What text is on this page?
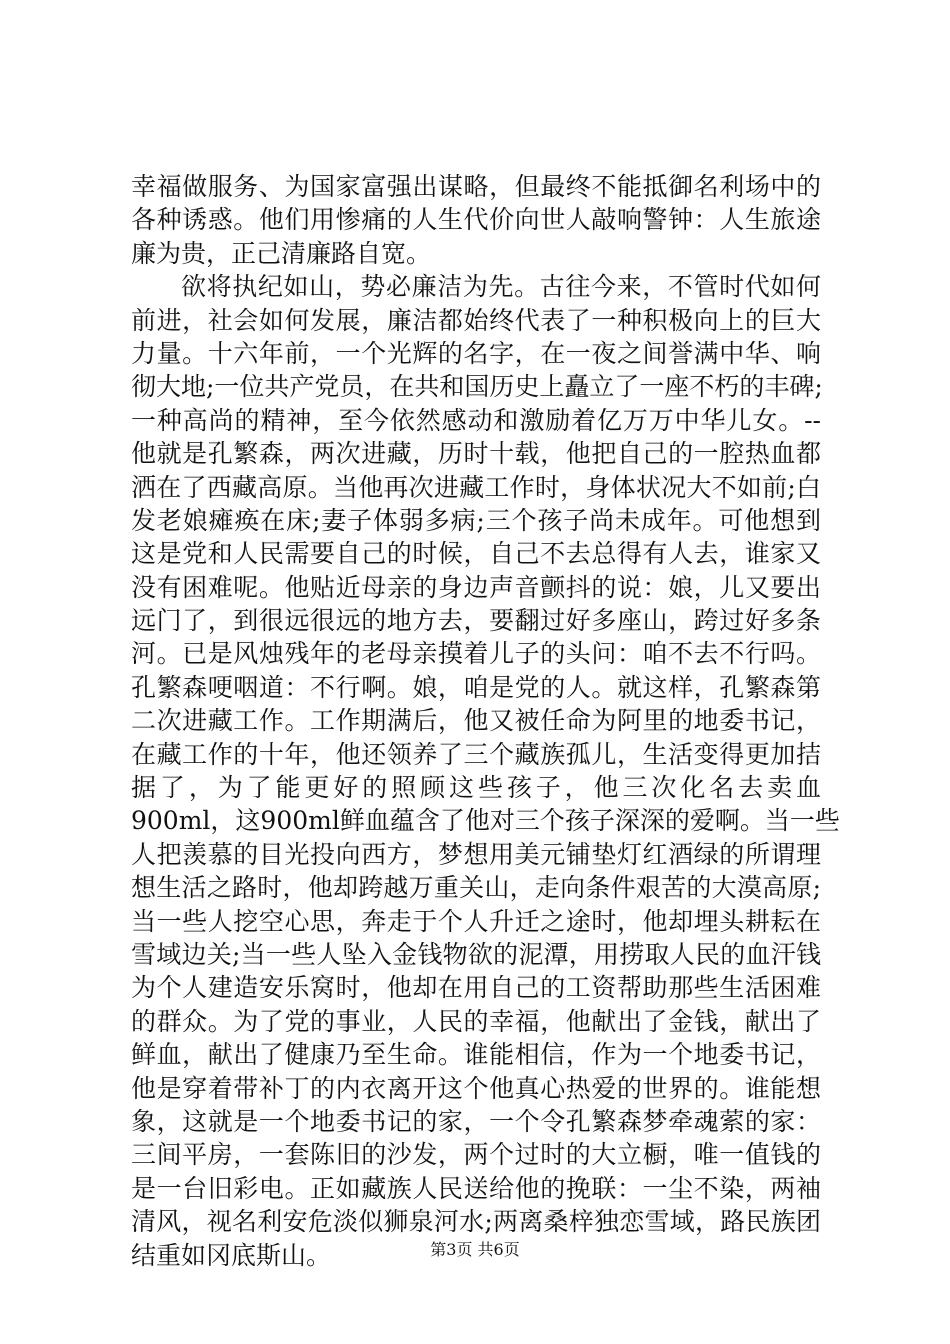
幸福做服务、为国家富强出谋略，但最终不能抵御名利场中的
各种诱惑。他们用惨痛的人生代价向世人敲响警钟：人生旅途
廉为贵，正己清廉路自宽。
欲将执纪如山，势必廉洁为先。古往今来，不管时代如何
前进，社会如何发展，廉洁都始终代表了一种积极向上的巨大
力量。十六年前，一个光辉的名字，在一夜之间誉满中华、响
彻大地;一位共产党员，在共和国历史上矗立了一座不朽的丰碑;
一种高尚的精神，至今依然感动和激励着亿万万中华儿女。--
他就是孔繁森，两次进藏，历时十载，他把自己的一腔热血都
洒在了西藏高原。当他再次进藏工作时，身体状况大不如前;白
发老娘瘫痪在床;妻子体弱多病;三个孩子尚未成年。可他想到
这是党和人民需要自己的时候，自己不去总得有人去，谁家又
没有困难呢。他贴近母亲的身边声音颤抖的说：娘，儿又要出
远门了，到很远很远的地方去，要翻过好多座山，跨过好多条
河。已是风烛残年的老母亲摸着儿子的头问：咱不去不行吗。
孔繁森哽咽道：不行啊。娘，咱是党的人。就这样，孔繁森第
二次进藏工作。工作期满后，他又被任命为阿里的地委书记，
在藏工作的十年，他还领养了三个藏族孤儿，生活变得更加拮
据了，为了能更好的照顾这些孩子，他三次化名去卖血
900ml，这900ml鲜血蕴含了他对三个孩子深深的爱啊。当一些
人把羡慕的目光投向西方，梦想用美元铺垫灯红酒绿的所谓理
想生活之路时，他却跨越万重关山，走向条件艰苦的大漠高原;
当一些人挖空心思，奔走于个人升迁之途时，他却埋头耕耘在
雪域边关;当一些人坠入金钱物欲的泥潭，用捞取人民的血汗钱
为个人建造安乐窝时，他却在用自己的工资帮助那些生活困难
的群众。为了党的事业，人民的幸福，他献出了金钱，献出了
鲜血，献出了健康乃至生命。谁能相信，作为一个地委书记，
他是穿着带补丁的内衣离开这个他真心热爱的世界的。谁能想
象，这就是一个地委书记的家，一个令孔繁森梦牵魂萦的家：
三间平房，一套陈旧的沙发，两个过时的大立橱，唯一值钱的
是一台旧彩电。正如藏族人民送给他的挽联：一尘不染，两袖
清风，视名利安危淡似狮泉河水;两离桑梓独恋雪域，路民族团
结重如冈底斯山。	第3页 共6页
